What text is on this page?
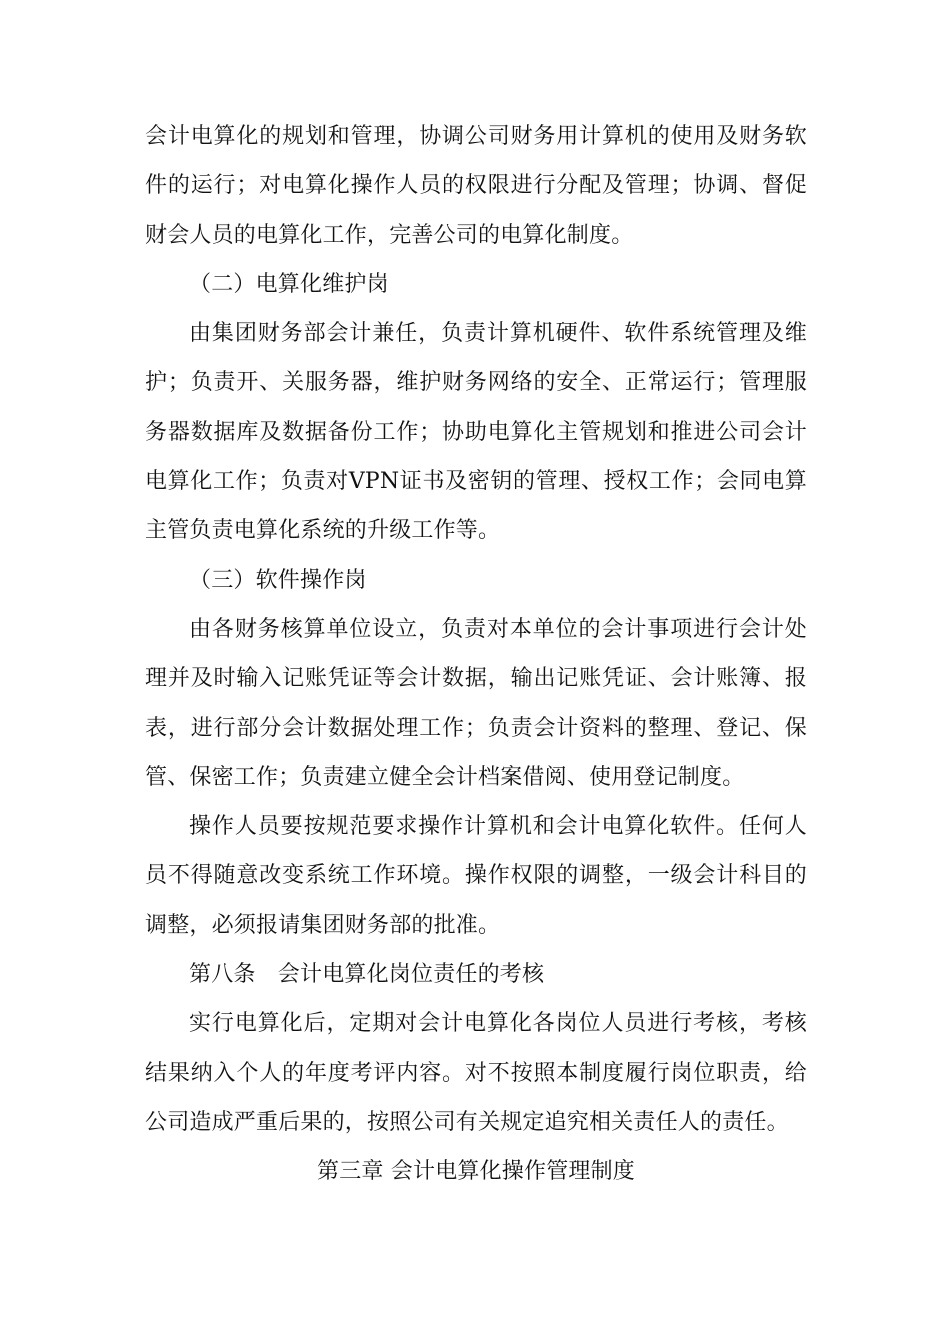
会计电算化的规划和管理，协调公司财务用计算机的使用及财务软件的运行；对电算化操作人员的权限进行分配及管理；协调、督促财会人员的电算化工作，完善公司的电算化制度。

（二）电算化维护岗

由集团财务部会计兼任，负责计算机硬件、软件系统管理及维护；负责开、关服务器，维护财务网络的安全、正常运行；管理服务器数据库及数据备份工作；协助电算化主管规划和推进公司会计电算化工作；负责对VPN证书及密钥的管理、授权工作；会同电算主管负责电算化系统的升级工作等。

（三）软件操作岗

由各财务核算单位设立，负责对本单位的会计事项进行会计处理并及时输入记账凭证等会计数据，输出记账凭证、会计账簿、报表，进行部分会计数据处理工作；负责会计资料的整理、登记、保管、保密工作；负责建立健全会计档案借阅、使用登记制度。

操作人员要按规范要求操作计算机和会计电算化软件。任何人员不得随意改变系统工作环境。操作权限的调整，一级会计科目的调整，必须报请集团财务部的批准。

第八条　会计电算化岗位责任的考核

实行电算化后，定期对会计电算化各岗位人员进行考核，考核结果纳入个人的年度考评内容。对不按照本制度履行岗位职责，给公司造成严重后果的，按照公司有关规定追究相关责任人的责任。

第三章 会计电算化操作管理制度
